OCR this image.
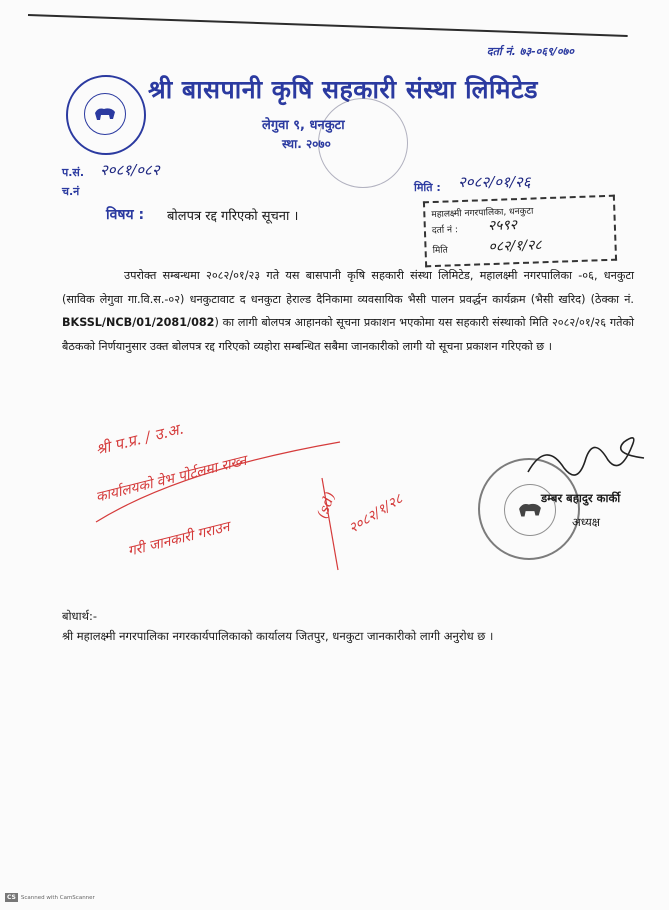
दर्ता नं. ७३-०६९/०७०
श्री बासपानी कृषि सहकारी संस्था लिमिटेड
लेगुवा ९, धनकुटा
स्था. २०७०
प.सं. २०८१/०८२
च.नं	मिति : २०८२/०१/२६
विषय : बोलपत्र रद्द गरिएको सूचना ।	महालक्ष्मी नगरपालिका, धनकुटा
दर्ता नं : २५९२
मिति	०८२/१/२८

उपरोक्त सम्बन्धमा २०८२/०१/२३ गते यस बासपानी कृषि सहकारी संस्था लिमिटेड, महालक्ष्मी नगरपालिका -०६, धनकुटा (साविक लेगुवा गा.वि.स.-०२) धनकुटावाट द धनकुटा हेराल्ड दैनिकामा व्यवसायिक भैसी पालन प्रवर्द्धन कार्यक्रम (भैसी खरिद) (ठेक्का नं. BKSSL/NCB/01/2081/082) का लागी बोलपत्र आहानको सूचना प्रकाशन भएकोमा यस सहकारी संस्थाको मिति २०८२/०१/२६ गतेको बैठकको निर्णयानुसार उक्त बोलपत्र रद्द गरिएको व्यहोरा सम्बन्धित सबैमा जानकारीको लागी यो सूचना प्रकाशन गरिएको छ ।

श्री प.प्र. / उ.अ.
कार्यालयको वेभ पोर्टलमा राख्न
गरी जानकारी गराउन
(sd) २०८२/१/२८	डम्बर बहादुर कार्की
अध्यक्ष
बोधार्थ:-
श्री महालक्ष्मी नगरपालिका नगरकार्यपालिकाको कार्यालय जितपुर, धनकुटा जानकारीको लागी अनुरोध छ ।
CS Scanned with CamScanner
